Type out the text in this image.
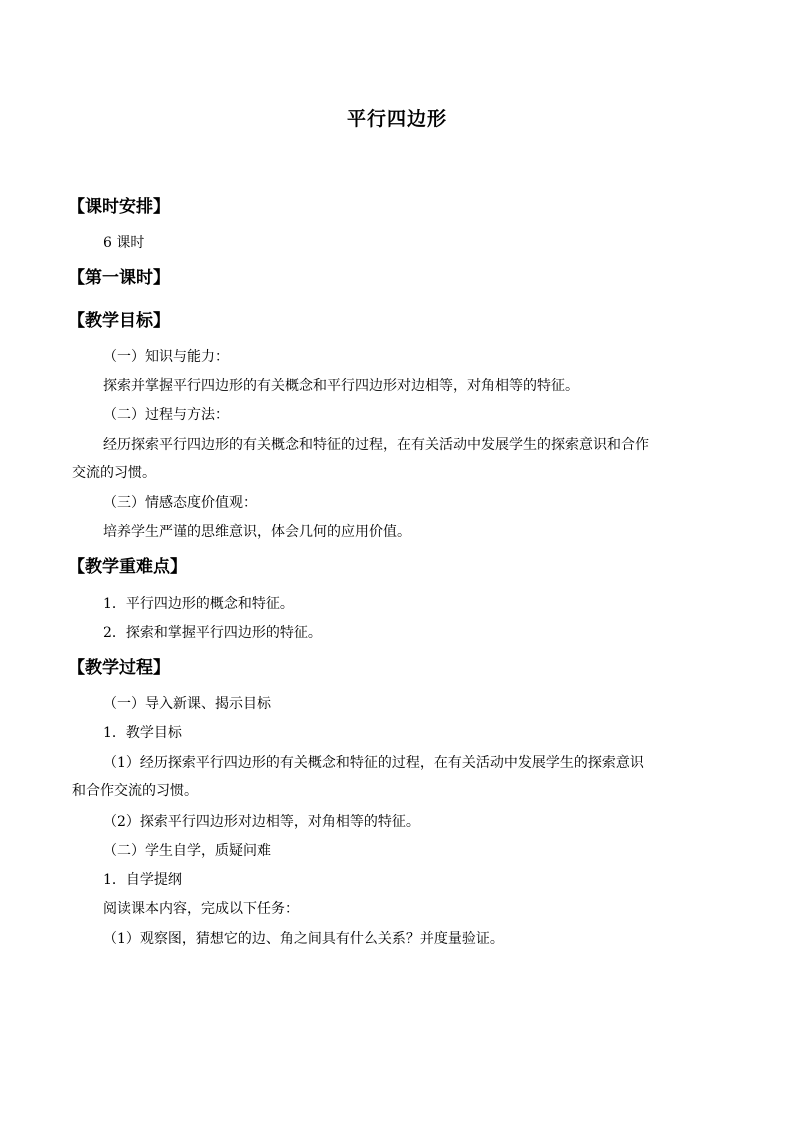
平行四边形
【课时安排】
6 课时
【第一课时】
【教学目标】
（一）知识与能力：
探索并掌握平行四边形的有关概念和平行四边形对边相等，对角相等的特征。
（二）过程与方法：
经历探索平行四边形的有关概念和特征的过程，在有关活动中发展学生的探索意识和合作
交流的习惯。
（三）情感态度价值观：
培养学生严谨的思维意识，体会几何的应用价值。
【教学重难点】
1．平行四边形的概念和特征。
2．探索和掌握平行四边形的特征。
【教学过程】
（一）导入新课、揭示目标
1．教学目标
（1）经历探索平行四边形的有关概念和特征的过程，在有关活动中发展学生的探索意识
和合作交流的习惯。
（2）探索平行四边形对边相等，对角相等的特征。
（二）学生自学，质疑问难
1．自学提纲
阅读课本内容，完成以下任务：
（1）观察图，猜想它的边、角之间具有什么关系？并度量验证。
